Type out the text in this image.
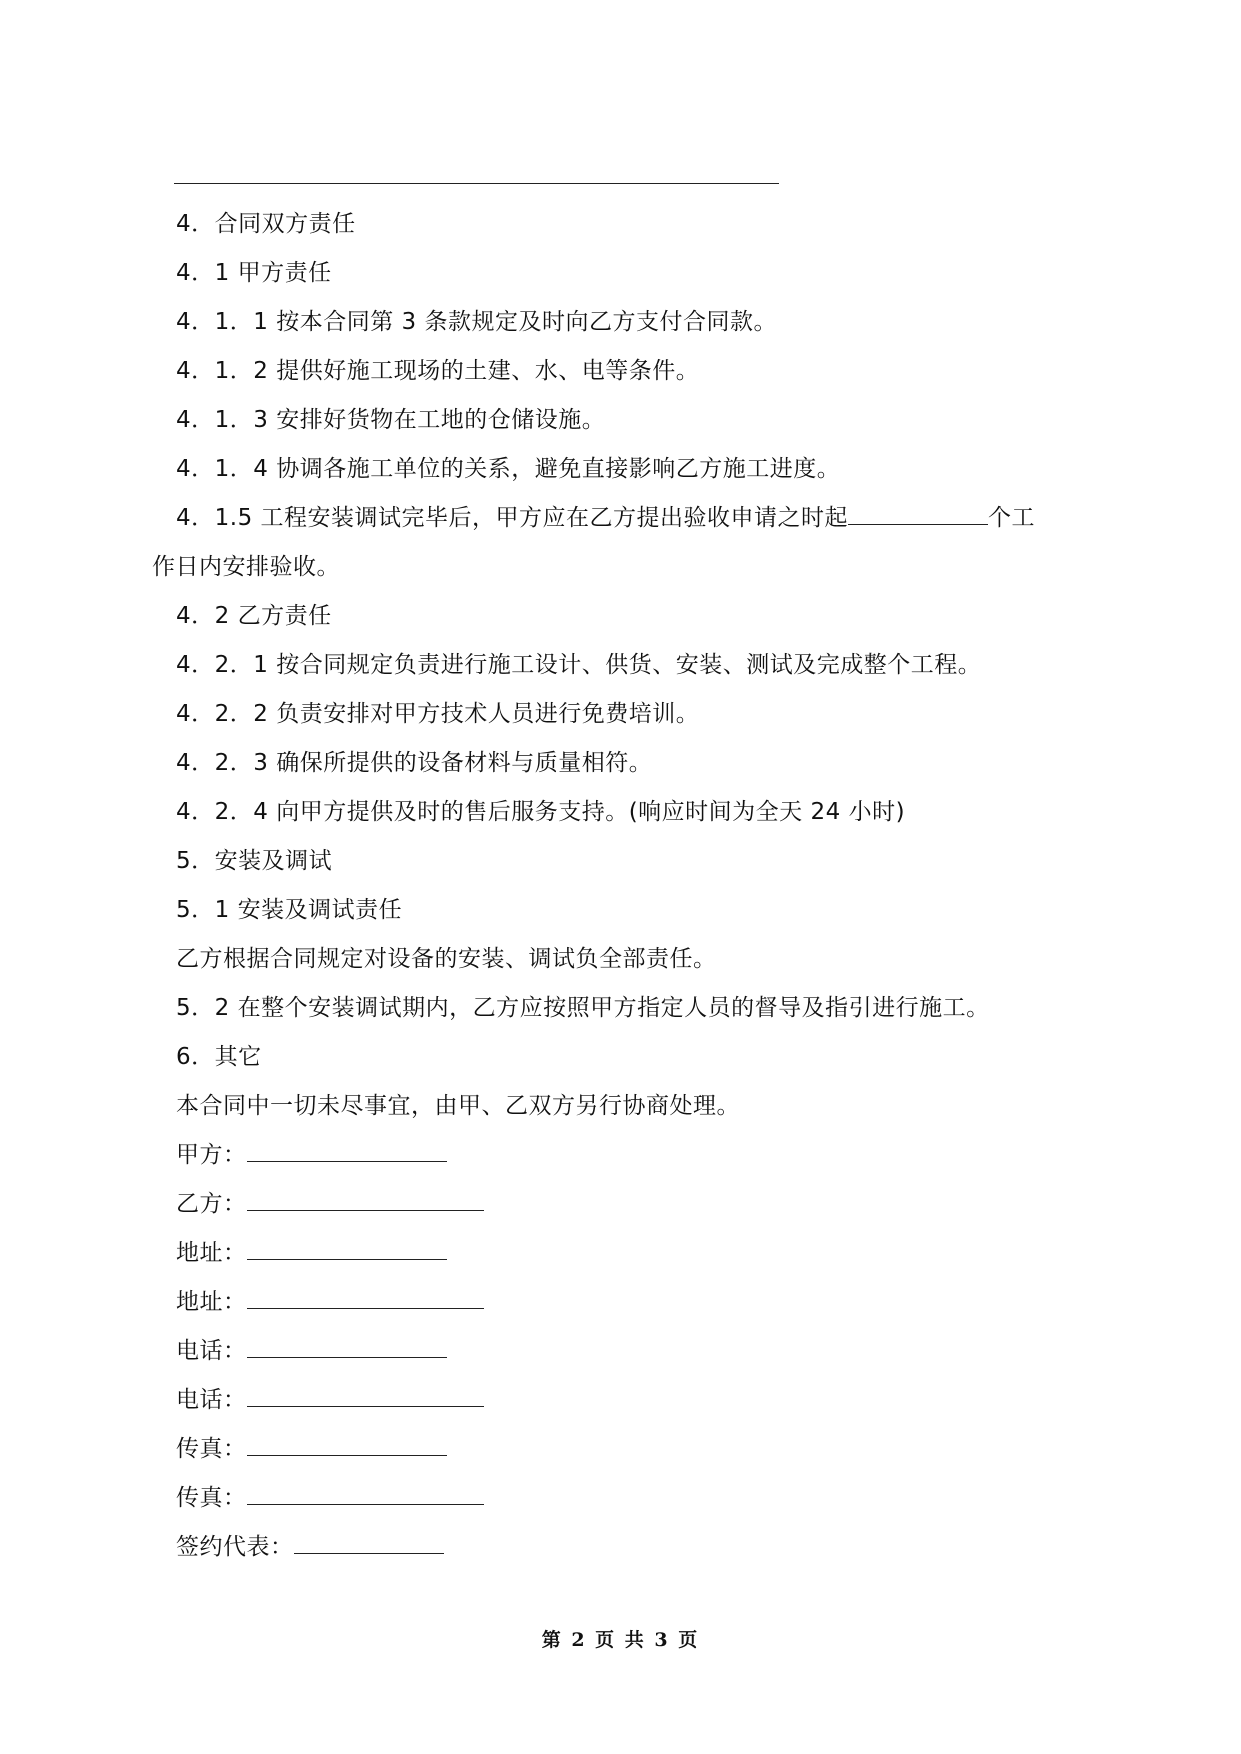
4．合同双方责任
4．1 甲方责任
4．1．1 按本合同第 3 条款规定及时向乙方支付合同款。
4．1．2 提供好施工现场的土建、水、电等条件。
4．1．3 安排好货物在工地的仓储设施。
4．1．4 协调各施工单位的关系，避免直接影响乙方施工进度。
4．1.5 工程安装调试完毕后，甲方应在乙方提出验收申请之时起	个工
作日内安排验收。
4．2 乙方责任
4．2．1 按合同规定负责进行施工设计、供货、安装、测试及完成整个工程。
4．2．2 负责安排对甲方技术人员进行免费培训。
4．2．3 确保所提供的设备材料与质量相符。
4．2．4 向甲方提供及时的售后服务支持。(响应时间为全天 24 小时)
5．安装及调试
5．1 安装及调试责任
乙方根据合同规定对设备的安装、调试负全部责任。
5．2 在整个安装调试期内，乙方应按照甲方指定人员的督导及指引进行施工。
6．其它
本合同中一切未尽事宜，由甲、乙双方另行协商处理。
甲方：
乙方：
地址：
地址：
电话：
电话：
传真：
传真：
签约代表：
第 2 页 共 3 页
